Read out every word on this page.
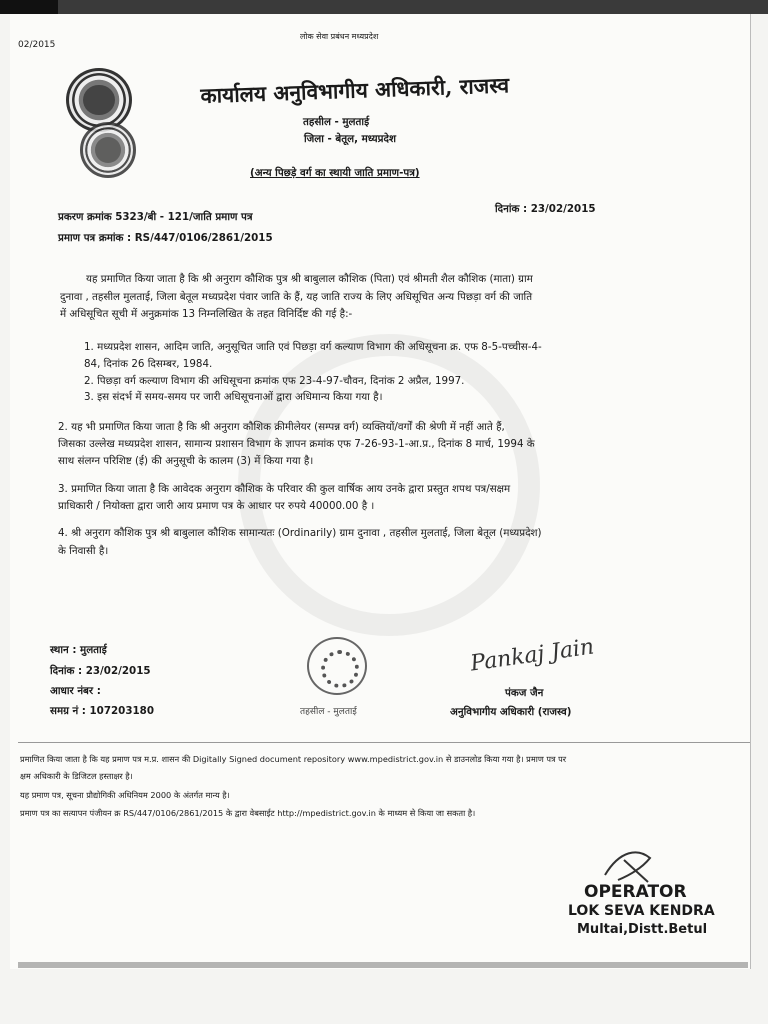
02/2015
लोक सेवा प्रबंधन मध्यप्रदेश
कार्यालय अनुविभागीय अधिकारी, राजस्व
तहसील - मुलताई
जिला - बेतूल, मध्यप्रदेश
(अन्य पिछड़े वर्ग का स्थायी जाति प्रमाण-पत्र)
दिनांक : 23/02/2015
प्रकरण क्रमांक 5323/बी - 121/जाति प्रमाण पत्र
प्रमाण पत्र क्रमांक : RS/447/0106/2861/2015
यह प्रमाणित किया जाता है कि श्री अनुराग कौशिक पुत्र श्री बाबुलाल कौशिक (पिता) एवं श्रीमती शैल कौशिक (माता) ग्राम
दुनावा , तहसील मुलताई, जिला बेतूल मध्यप्रदेश पंवार जाति के हैं, यह जाति राज्य के लिए अधिसूचित अन्य पिछड़ा वर्ग की जाति
में अधिसूचित सूची में अनुक्रमांक 13 निम्नलिखित के तहत विनिर्दिष्ट की गई है:-
1. मध्यप्रदेश शासन, आदिम जाति, अनुसूचित जाति एवं पिछड़ा वर्ग कल्याण विभाग की अधिसूचना क्र. एफ 8-5-पच्चीस-4-
84, दिनांक 26 दिसम्बर, 1984.
2. पिछड़ा वर्ग कल्याण विभाग की अधिसूचना क्रमांक एफ 23-4-97-चौवन, दिनांक 2 अप्रैल, 1997.
3. इस संदर्भ में समय-समय पर जारी अधिसूचनाओं द्वारा अधिमान्य किया गया है।
2. यह भी प्रमाणित किया जाता है कि श्री अनुराग कौशिक क्रीमीलेयर (सम्पन्न वर्ग) व्यक्तियों/वर्गों की श्रेणी में नहीं आते हैं,
जिसका उल्लेख मध्यप्रदेश शासन, सामान्य प्रशासन विभाग के ज्ञापन क्रमांक एफ 7-26-93-1-आ.प्र., दिनांक 8 मार्च, 1994 के
साथ संलग्न परिशिष्ट (ई) की अनुसूची के कालम (3) में किया गया है।
3. प्रमाणित किया जाता है कि आवेदक अनुराग कौशिक के परिवार की कुल वार्षिक आय उनके द्वारा प्रस्तुत शपथ पत्र/सक्षम
प्राधिकारी / नियोक्ता द्वारा जारी आय प्रमाण पत्र के आधार पर रुपये 40000.00 है ।
4. श्री अनुराग कौशिक पुत्र श्री बाबुलाल कौशिक सामान्यतः (Ordinarily) ग्राम दुनावा , तहसील मुलताई, जिला बेतूल (मध्यप्रदेश)
के निवासी है।
स्थान : मुलताई
दिनांक : 23/02/2015
आधार नंबर :
समग्र नं : 107203180	तहसील - मुलताई
Pankaj Jain
पंकज जैन
अनुविभागीय अधिकारी (राजस्व)
प्रमाणित किया जाता है कि यह प्रमाण पत्र म.प्र. शासन की Digitally Signed document repository www.mpedistrict.gov.in से डाउनलोड किया गया है। प्रमाण पत्र पर
क्षम अधिकारी के डिजिटल हस्ताक्षर है।
यह प्रमाण पत्र, सूचना प्रौद्योगिकी अधिनियम 2000 के अंतर्गत मान्य है।
प्रमाण पत्र का सत्यापन पंजीयन क्र RS/447/0106/2861/2015 के द्वारा वेबसाईट http://mpedistrict.gov.in के माध्यम से किया जा सकता है।
OPERATOR
LOK SEVA KENDRA
Multai,Distt.Betul
